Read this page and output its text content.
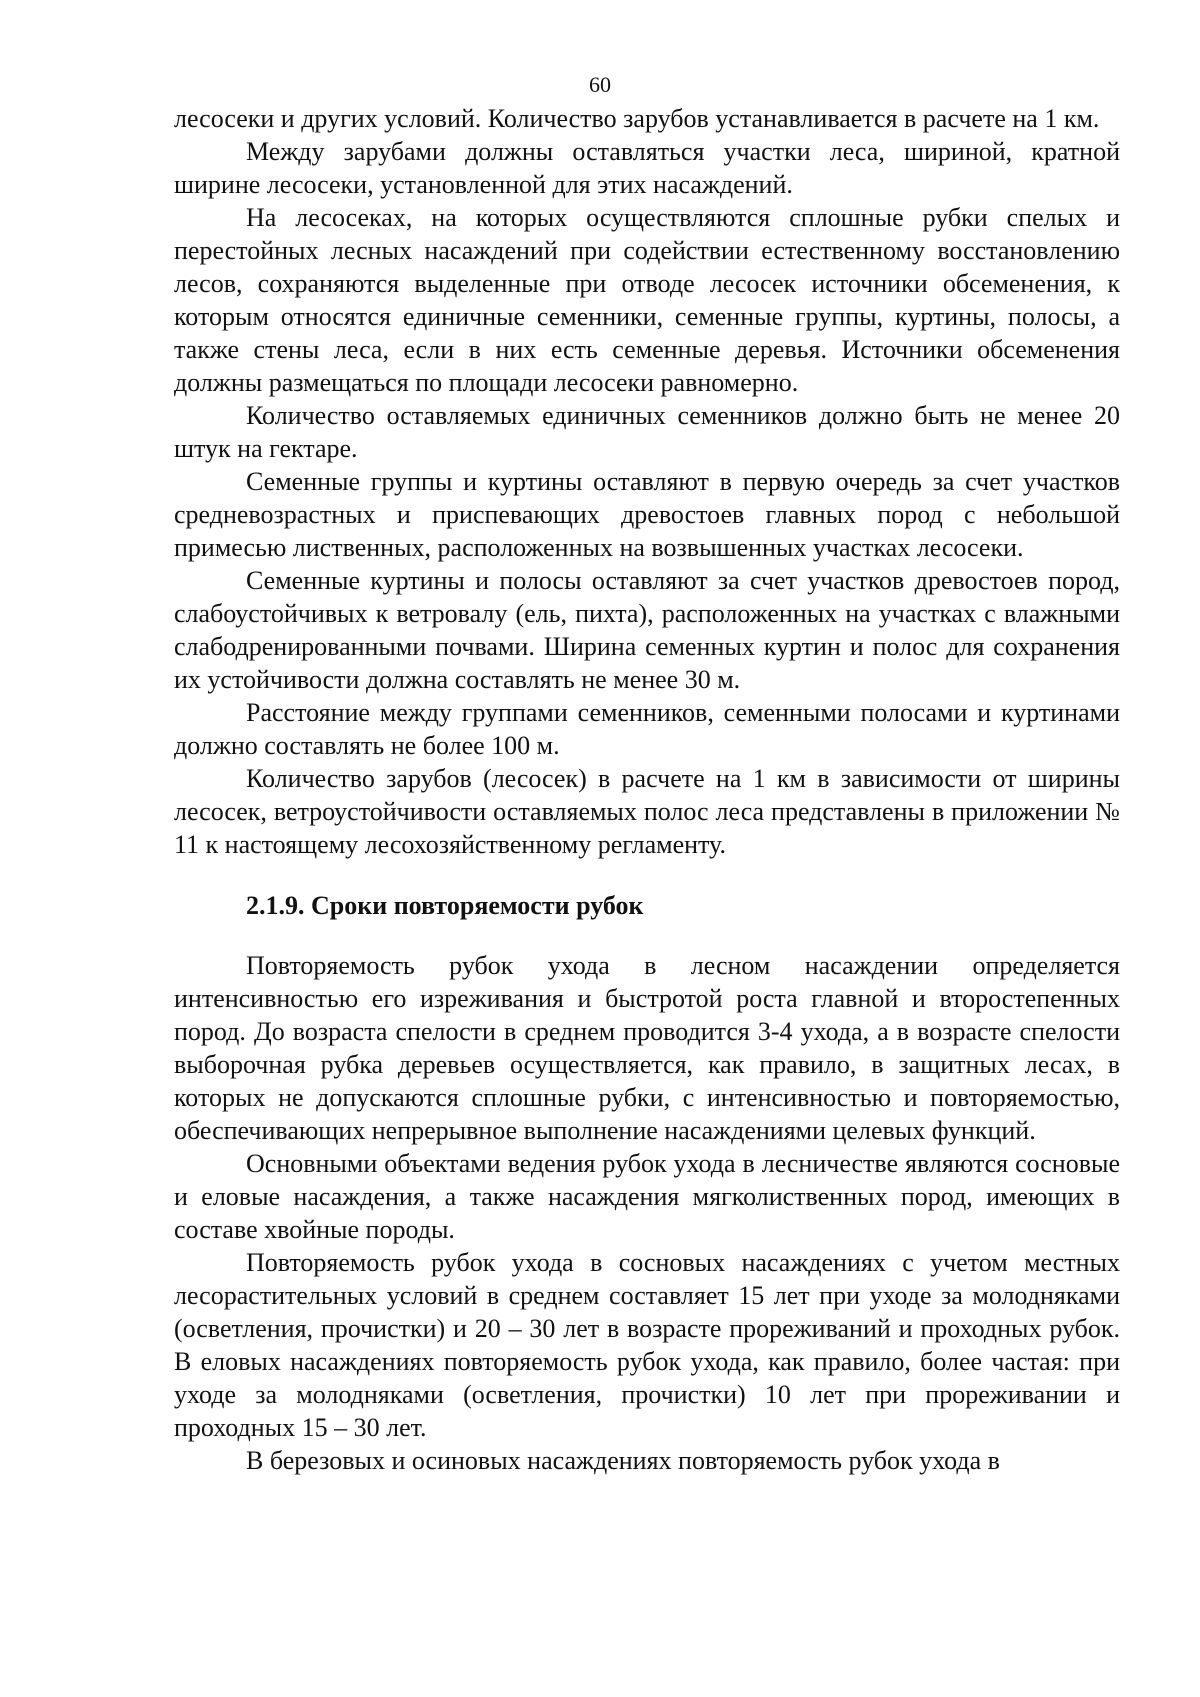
60

лесосеки и других условий. Количество зарубов устанавливается в расчете на 1 км.

Между зарубами должны оставляться участки леса, шириной, кратной ширине лесосеки, установленной для этих насаждений.

На лесосеках, на которых осуществляются сплошные рубки спелых и перестойных лесных насаждений при содействии естественному восстановлению лесов, сохраняются выделенные при отводе лесосек источники обсеменения, к которым относятся единичные семенники, семенные группы, куртины, полосы, а также стены леса, если в них есть семенные деревья. Источники обсеменения должны размещаться по площади лесосеки равномерно.

Количество оставляемых единичных семенников должно быть не менее 20 штук на гектаре.

Семенные группы и куртины оставляют в первую очередь за счет участков средневозрастных и приспевающих древостоев главных пород с небольшой примесью лиственных, расположенных на возвышенных участках лесосеки.

Семенные куртины и полосы оставляют за счет участков древостоев пород, слабоустойчивых к ветровалу (ель, пихта), расположенных на участках с влажными слабодренированными почвами. Ширина семенных куртин и полос для сохранения их устойчивости должна составлять не менее 30 м.

Расстояние между группами семенников, семенными полосами и куртинами должно составлять не более 100 м.

Количество зарубов (лесосек) в расчете на 1 км в зависимости от ширины лесосек, ветроустойчивости оставляемых полос леса представлены в приложении № 11 к настоящему лесохозяйственному регламенту.

2.1.9. Сроки повторяемости рубок

Повторяемость рубок ухода в лесном насаждении определяется интенсивностью его изреживания и быстротой роста главной и второстепенных пород. До возраста спелости в среднем проводится 3-4 ухода, а в возрасте спелости выборочная рубка деревьев осуществляется, как правило, в защитных лесах, в которых не допускаются сплошные рубки, с интенсивностью и повторяемостью, обеспечивающих непрерывное выполнение насаждениями целевых функций.

Основными объектами ведения рубок ухода в лесничестве являются сосновые и еловые насаждения, а также насаждения мягколиственных пород, имеющих в составе хвойные породы.

Повторяемость рубок ухода в сосновых насаждениях с учетом местных лесорастительных условий в среднем составляет 15 лет при уходе за молодняками (осветления, прочистки) и 20 – 30 лет в возрасте прореживаний и проходных рубок. В еловых насаждениях повторяемость рубок ухода, как правило, более частая: при уходе за молодняками (осветления, прочистки) 10 лет при прореживании и проходных 15 – 30 лет.

В березовых и осиновых насаждениях повторяемость рубок ухода в
